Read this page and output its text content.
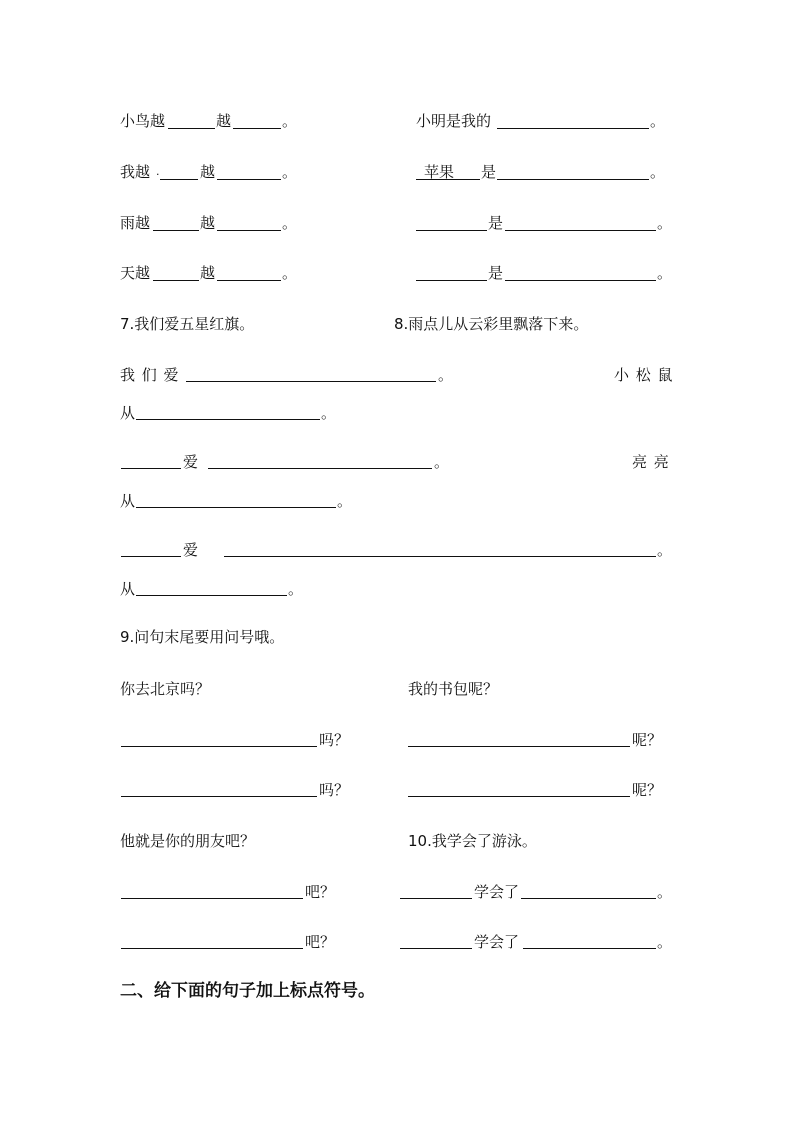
小鸟越	越	。	小明是我的	。
我越 .	越	。	苹果 是	。
雨越	越	。	是	。
天越	越	。	是	。
7.我们爱五星红旗。	8.雨点儿从云彩里飘落下来。
我 们 爱	。	小 松 鼠
从	。
爱	。	亮 亮
从	。
爱	。
从	。
9.问句末尾要用问号哦。
你去北京吗？	我的书包呢？
吗？	呢？
吗？	呢？
他就是你的朋友吧？	10.我学会了游泳。
吧？	学会了	。
吧？	学会了	。
二、给下面的句子加上标点符号。
